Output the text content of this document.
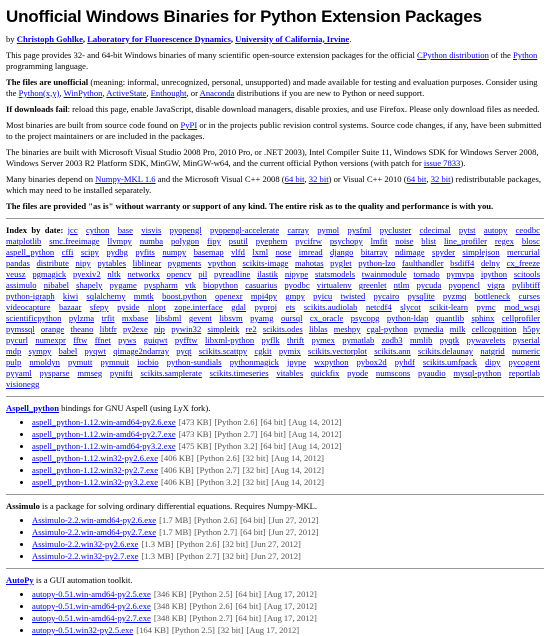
Unofficial Windows Binaries for Python Extension Packages

by Christoph Gohlke, Laboratory for Fluorescence Dynamics, University of California, Irvine.

This page provides 32- and 64-bit Windows binaries of many scientific open-source extension packages for the official CPython distribution of the Python programming language.

The files are unofficial (meaning: informal, unrecognized, personal, unsupported) and made available for testing and evaluation purposes. Consider using the Python(x,y), WinPython, ActiveState, Enthought, or Anaconda distributions if you are new to Python or need support.

If downloads fail: reload this page, enable JavaScript, disable download managers, disable proxies, and use Firefox. Please only download files as needed.

Most binaries are built from source code found on PyPI or in the projects public revision control systems. Source code changes, if any, have been submitted to the project maintainers or are included in the packages.

The binaries are built with Microsoft Visual Studio 2008 Pro, 2010 Pro, or .NET 2003), Intel Compiler Suite 11, Windows SDK for Windows Server 2008, Windows Server 2003 R2 Platform SDK, MinGW, MinGW-w64, and the current official Python versions (with patch for issue 7833).

Many binaries depend on Numpy-MKL 1.6 and the Microsoft Visual C++ 2008 (64 bit, 32 bit) or Visual C++ 2010 (64 bit, 32 bit) redistributable packages, which may need to be installed separately.

The files are provided "as is" without warranty or support of any kind. The entire risk as to the quality and performance is with you.

Index by date: jcc cython base visvis pyopengl pyopengl-accelerate carray pymol pysfml pycluster cdecimal pytst autopy ceodbc matplotlib smc.freeimage llvmpy numba polygon fipy psutil pyephem pycifrw psychopy lmfit noise blist line_profiler regex blosc aspell_python cffi scipy pydbg pyfits numpy basemap vlfd lxml nose imread django bitarray ndimage spyder simplejson mercurial pandas distribute nipy pytables liblinear pygments vpython scikits-image mahotas pyglet python-lzo faulthandler bsdiff4 delny cx_freeze veusz pgmagick pyexiv2 nltk networkx opencv pil pyreadline ilastik nipype statsmodels twainmodule tornado pymvpa ipython scitools assimulo nibabel shapely pygame pyspharm vtk biopython casuarius pyodbc virtualenv greenlet ntlm pycuda pyopencl vigra pylibtiff python-igraph kiwi sqlalchemy mmtk boost.python openexr mpi4py gmpy pyicu twisted pycairo pysqlite pyzmq bottleneck curses videocapture bazaar sfepy pyside nlopt zope.interface gdal pyproj ets scikits.audiolab netcdf4 slycot scikit-learn pymc mod_wsgi scientificpython pylzma trfit mxbase libsbml gevent libsvm pyamg oursql cx_oracle psycopg python-ldap quantlib sphinx cellprofiler pymssql orange theano libtfr py2exe pip pywin32 simpleitk re2 scikits.odes liblas meshpy cgal-python pymedia milk cellcognition h5py pycurl numexpr fftw ffnet pyws guiqwt pyfftw libxml-python pyflk thrift pymex pymatlab zodb3 mmlib pyqtk pywavelets pyserial mdp sympy babel pyqwt qimage2ndarray pyqt scikits.scattpy cgkit pymix scikits.vectorplot scikits.ann scikits.delaunay natgrid numeric pulp nmoldyn pymutt pymnuit iocbio python-sundials pythonmagick jpype wxpython pybox2d pyhdf scikits.umfpack dipy pycogent pyyaml pysparse mmseg pynifti scikits.samplerate scikits.timeseries vitables quickfix pyode numscons pyaudio mysql-python reportlab visionegg

Aspell_python bindings for GNU Aspell (using LyX fork).

• aspell_python-1.12.win-amd64-py2.6.exe [473 KB] [Python 2.6] [64 bit] [Aug 14, 2012]
• aspell_python-1.12.win-amd64-py2.7.exe [473 KB] [Python 2.7] [64 bit] [Aug 14, 2012]
• aspell_python-1.12.win-amd64-py3.2.exe [475 KB] [Python 3.2] [64 bit] [Aug 14, 2012]
• aspell_python-1.12.win32-py2.6.exe [406 KB] [Python 2.6] [32 bit] [Aug 14, 2012]
• aspell_python-1.12.win32-py2.7.exe [406 KB] [Python 2.7] [32 bit] [Aug 14, 2012]
• aspell_python-1.12.win32-py3.2.exe [406 KB] [Python 3.2] [32 bit] [Aug 14, 2012]

Assimulo is a package for solving ordinary differential equations. Requires Numpy-MKL.

• Assimulo-2.2.win-amd64-py2.6.exe [1.7 MB] [Python 2.6] [64 bit] [Jun 27, 2012]
• Assimulo-2.2.win-amd64-py2.7.exe [1.7 MB] [Python 2.7] [64 bit] [Jun 27, 2012]
• Assimulo-2.2.win32-py2.6.exe [1.3 MB] [Python 2.6] [32 bit] [Jun 27, 2012]
• Assimulo-2.2.win32-py2.7.exe [1.3 MB] [Python 2.7] [32 bit] [Jun 27, 2012]

AutoPy is a GUI automation toolkit.

• autopy-0.51.win-amd64-py2.5.exe [346 KB] [Python 2.5] [64 bit] [Aug 17, 2012]
• autopy-0.51.win-amd64-py2.6.exe [348 KB] [Python 2.6] [64 bit] [Aug 17, 2012]
• autopy-0.51.win-amd64-py2.7.exe [348 KB] [Python 2.7] [64 bit] [Aug 17, 2012]
• autopy-0.51.win32-py2.5.exe [164 KB] [Python 2.5] [32 bit] [Aug 17, 2012]
